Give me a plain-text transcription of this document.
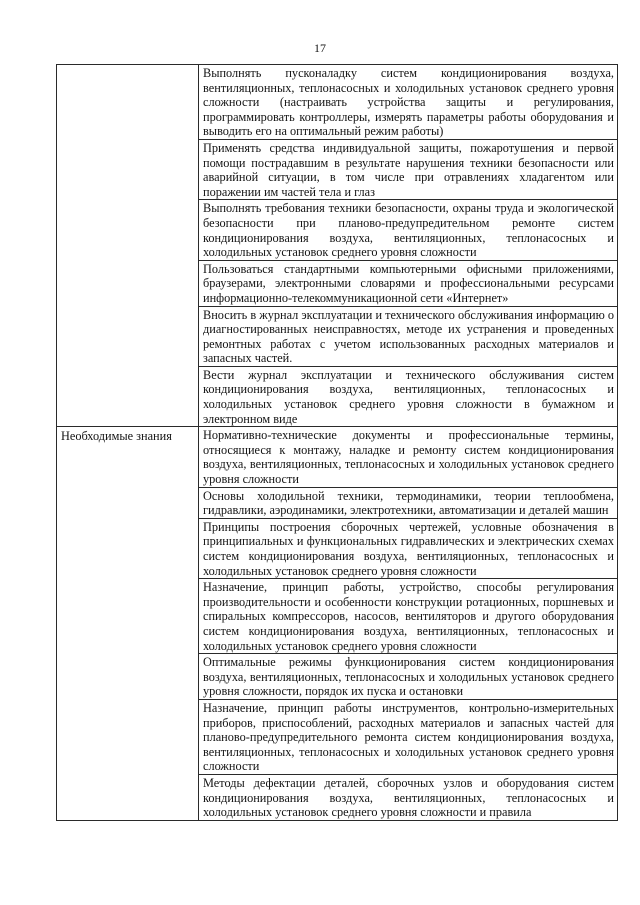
17
	Выполнять пусконаладку систем кондиционирования воздуха, вентиляционных, теплонасосных и холодильных установок среднего уровня сложности (настраивать устройства защиты и регулирования, программировать контроллеры, измерять параметры работы оборудования и выводить его на оптимальный режим работы)
	Применять средства индивидуальной защиты, пожаротушения и первой помощи пострадавшим в результате нарушения техники безопасности или аварийной ситуации, в том числе при отравлениях хладагентом или поражении им частей тела и глаз
	Выполнять требования техники безопасности, охраны труда и экологической безопасности при планово-предупредительном ремонте систем кондиционирования воздуха, вентиляционных, теплонасосных и холодильных установок среднего уровня сложности
	Пользоваться стандартными компьютерными офисными приложениями, браузерами, электронными словарями и профессиональными ресурсами информационно-телекоммуникационной сети «Интернет»
	Вносить в журнал эксплуатации и технического обслуживания информацию о диагностированных неисправностях, методе их устранения и проведенных ремонтных работах с учетом использованных расходных материалов и запасных частей.
	Вести журнал эксплуатации и технического обслуживания систем кондиционирования воздуха, вентиляционных, теплонасосных и холодильных установок среднего уровня сложности в бумажном и электронном виде

Необходимые знания	Нормативно-технические документы и профессиональные термины, относящиеся к монтажу, наладке и ремонту систем кондиционирования воздуха, вентиляционных, теплонасосных и холодильных установок среднего уровня сложности
	Основы холодильной техники, термодинамики, теории теплообмена, гидравлики, аэродинамики, электротехники, автоматизации и деталей машин
	Принципы построения сборочных чертежей, условные обозначения в принципиальных и функциональных гидравлических и электрических схемах систем кондиционирования воздуха, вентиляционных, теплонасосных и холодильных установок среднего уровня сложности
	Назначение, принцип работы, устройство, способы регулирования производительности и особенности конструкции ротационных, поршневых и спиральных компрессоров, насосов, вентиляторов и другого оборудования систем кондиционирования воздуха, вентиляционных, теплонасосных и холодильных установок среднего уровня сложности
	Оптимальные режимы функционирования систем кондиционирования воздуха, вентиляционных, теплонасосных и холодильных установок среднего уровня сложности, порядок их пуска и остановки
	Назначение, принцип работы инструментов, контрольно-измерительных приборов, приспособлений, расходных материалов и запасных частей для планово-предупредительного ремонта систем кондиционирования воздуха, вентиляционных, теплонасосных и холодильных установок среднего уровня сложности
	Методы дефектации деталей, сборочных узлов и оборудования систем кондиционирования воздуха, вентиляционных, теплонасосных и холодильных установок среднего уровня сложности и правила
